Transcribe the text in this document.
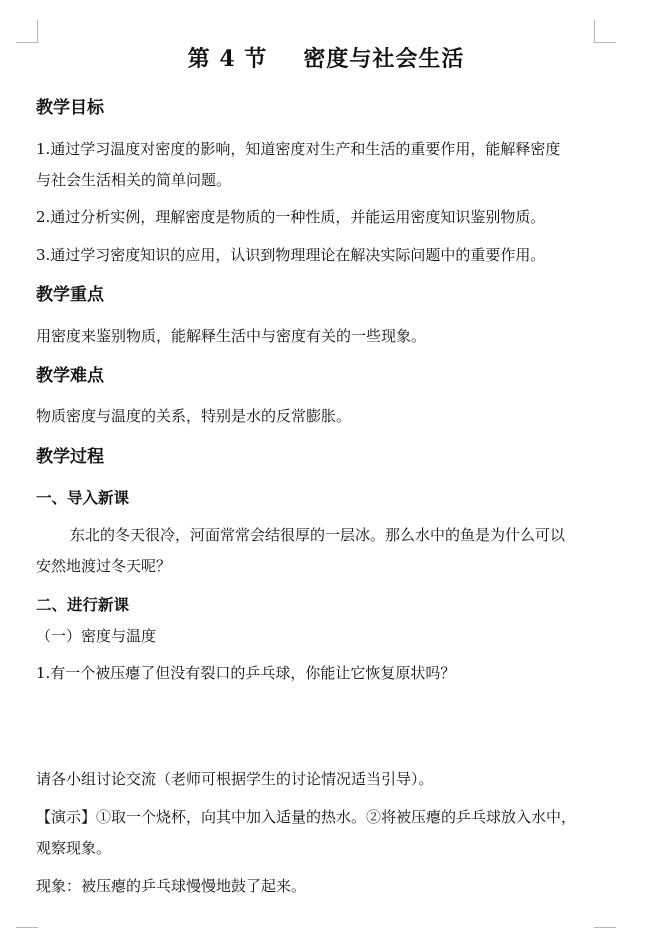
第 4 节 密度与社会生活
教学目标
1.通过学习温度对密度的影响，知道密度对生产和生活的重要作用，能解释密度
与社会生活相关的简单问题。
2.通过分析实例，理解密度是物质的一种性质，并能运用密度知识鉴别物质。
3.通过学习密度知识的应用，认识到物理理论在解决实际问题中的重要作用。
教学重点
用密度来鉴别物质，能解释生活中与密度有关的一些现象。
教学难点
物质密度与温度的关系，特别是水的反常膨胀。
教学过程
一、导入新课
东北的冬天很冷，河面常常会结很厚的一层冰。那么水中的鱼是为什么可以
安然地渡过冬天呢？
二、进行新课
（一）密度与温度
1.有一个被压瘪了但没有裂口的乒乓球，你能让它恢复原状吗？
请各小组讨论交流（老师可根据学生的讨论情况适当引导）。
【演示】①取一个烧杯，向其中加入适量的热水。②将被压瘪的乒乓球放入水中，
观察现象。
现象：被压瘪的乒乓球慢慢地鼓了起来。
